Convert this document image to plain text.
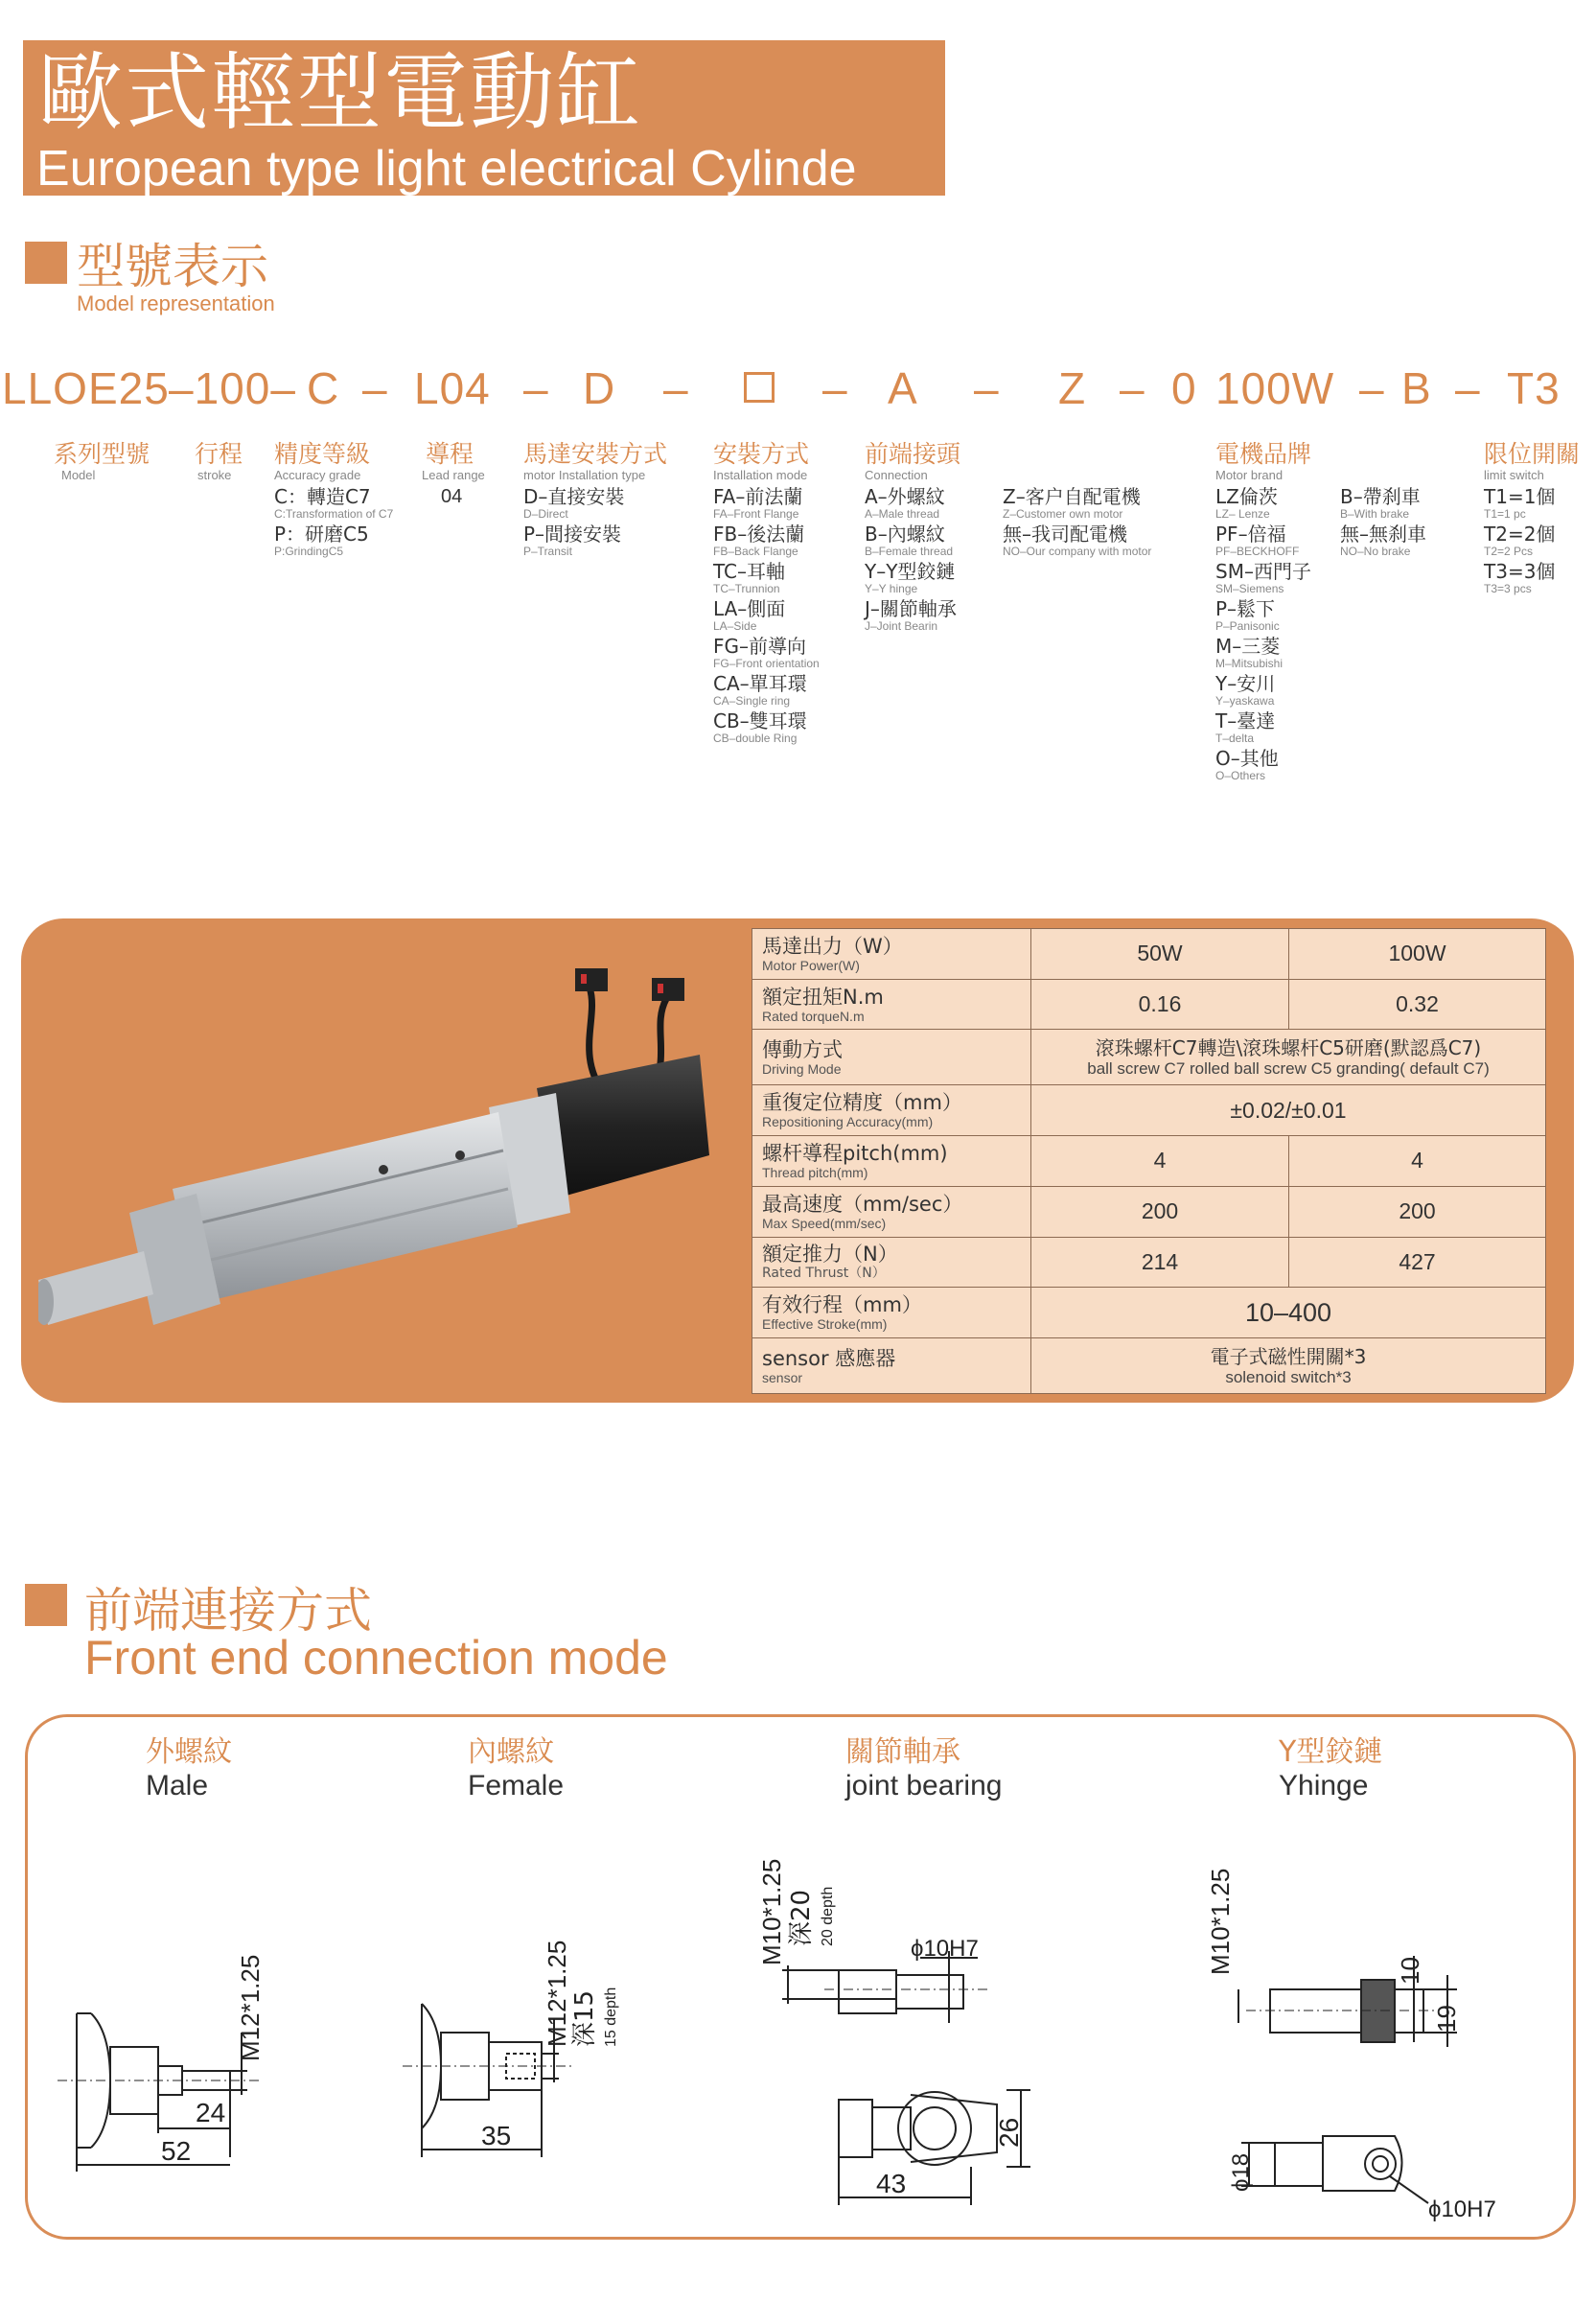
歐式輕型電動缸
European type light electrical Cylinde
型號表示
Model representation
LLOE25 –100– C – L04 – D –	– A – Z – 0 100W – B – T3
系列型號
Model
行程
stroke
精度等級
Accuracy grade
C：轉造C7
C:Transformation of C7
P：研磨C5
P:GrindingC5
導程
Lead range
04
馬達安裝方式
motor Installation type
D–直接安裝
D–Direct
P–間接安裝
P–Transit
安裝方式
Installation mode
FA–前法蘭
FA–Front Flange
FB–後法蘭
FB–Back Flange
TC–耳軸
TC–Trunnion
LA–側面
LA–Side
FG–前導向
FG–Front orientation
CA–單耳環
CA–Single ring
CB–雙耳環
CB–double Ring
前端接頭
Connection
A–外螺紋
A–Male thread
B–內螺紋
B–Female thread
Y–Y型鉸鏈
Y–Y hinge
J–關節軸承
J–Joint Bearin
Z–客户自配電機
Z–Customer own motor
無–我司配電機
NO–Our company with motor
電機品牌
Motor brand
LZ倫茨
LZ– Lenze
PF–倍福
PF–BECKHOFF
SM–西門子
SM–Siemens
P–鬆下
P–Panisonic
M–三菱
M–Mitsubishi
Y–安川
Y–yaskawa
T–臺達
T–delta
O–其他
O–Others
B–帶刹車
B–With brake
無–無刹車
NO–No brake
限位開關
limit switch
T1=1個
T1=1 pc
T2=2個
T2=2 Pcs
T3=3個
T3=3 pcs
馬達出力（W）
Motor Power(W)	50W	100W

額定扭矩N.m
Rated torqueN.m	0.16	0.32

傳動方式
Driving Mode	滾珠螺杆C7轉造\滾珠螺杆C5研磨(默認爲C7)
ball screw C7 rolled ball screw C5 granding( default C7)	

重復定位精度（mm）
Repositioning Accuracy(mm)	±0.02/±0.01	

螺杆導程pitch(mm)
Thread pitch(mm)	4	4

最高速度（mm/sec）
Max Speed(mm/sec)	200	200

額定推力（N）
Rated Thrust（N）	214	427

有效行程（mm）
Effective Stroke(mm)	10–400	

sensor 感應器
sensor	電子式磁性開關*3
solenoid switch*3	
前端連接方式
Front end connection mode
外螺紋
Male
內螺紋
Female
關節軸承
joint bearing
Y型鉸鏈
Yhinge
M12*1.25
24
52
M12*1.25 深15 15 depth
35
M10*1.25 深20 20 depth
ϕ10H7
26
43
M10*1.25	10
19
ϕ18
ϕ10H7
